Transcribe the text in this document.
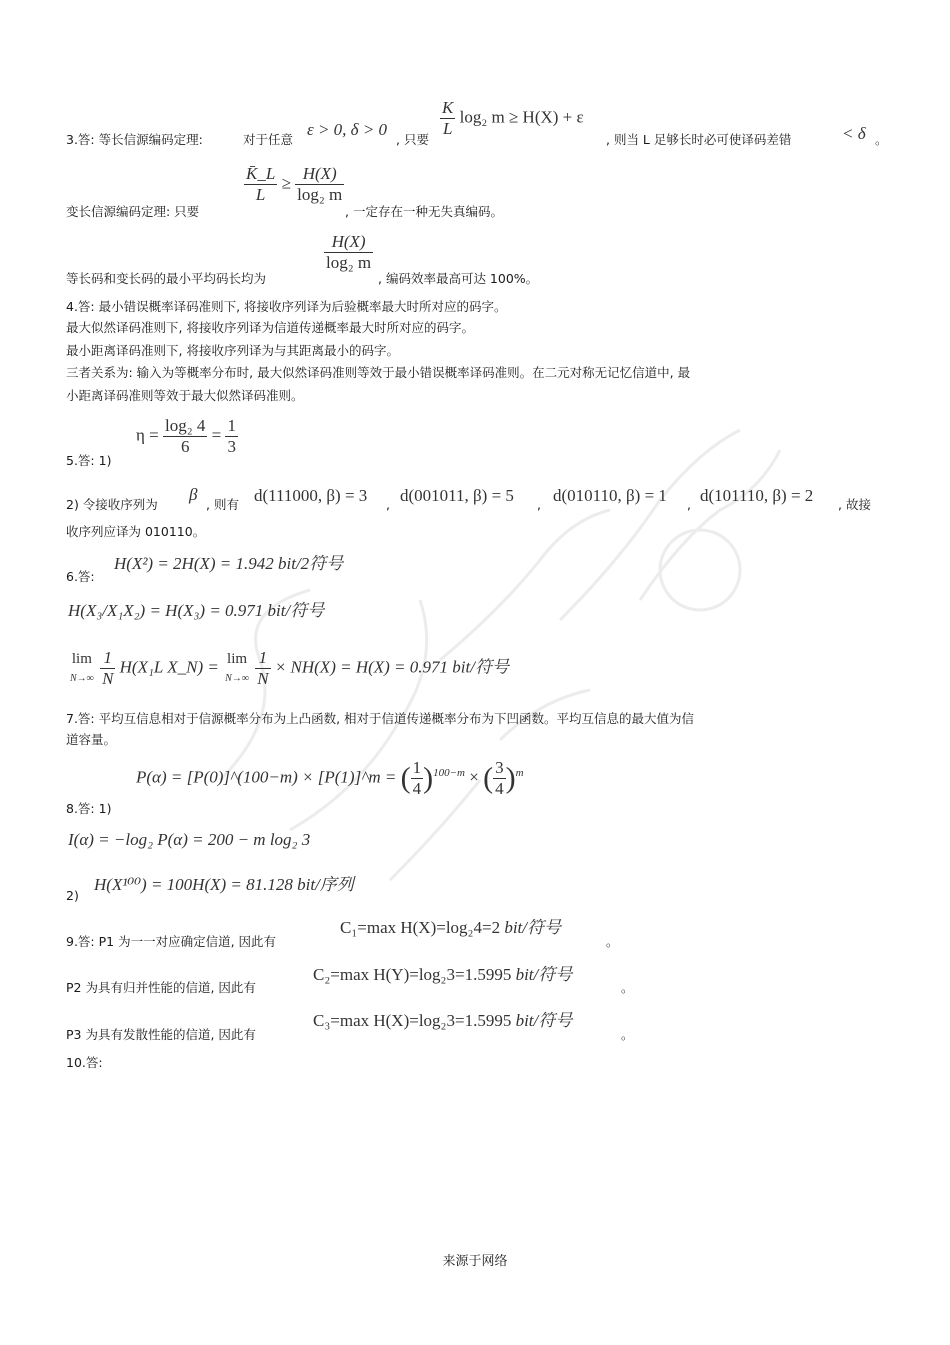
3.答: 等长信源编码定理:	对于任意
ε > 0, δ > 0
, 只要
$\frac{K}{L} \log_2$ m ≥ H(X) + ε
, 则当 L 足够长时必可使译码差错	< δ 。
变长信源编码定理: 只要
$\frac{K̄\_L}{L} \ge \frac{H(X)}{\text{log₂ m}}$
, 一定存在一种无失真编码。
等长码和变长码的最小平均码长均为
$\frac{H(X)}{\text{log₂ m}}$
, 编码效率最高可达 100%。
4.答: 最小错误概率译码准则下, 将接收序列译为后验概率最大时所对应的码字。
最大似然译码准则下, 将接收序列译为信道传递概率最大时所对应的码字。
最小距离译码准则下, 将接收序列译为与其距离最小的码字。
三者关系为: 输入为等概率分布时, 最大似然译码准则等效于最小错误概率译码准则。在二元对称无记忆信道中, 最
小距离译码准则等效于最大似然译码准则。
5.答: 1)
$\eta = \frac{\text{log₂ 4}}{6} = \frac{1}{3}$
2) 令接收序列为
β
, 则有 d(111000, β) = 3 , d(001011, β) = 5 , d(010110, β) = 1 , d(101110, β) = 2 , 故接
收序列应译为 010110。
6.答:
H(X²) = 2H(X) = 1.942 bit/2符号
H(X₃/X₁X₂) = H(X₃) = 0.971 bit/符号
lim
N→∞
$\frac{1}{N} H(X_1L$ X_N) = lim
N→∞
$\frac{1}{N} \times NH(X) = H(X) = 0.971$ bit/符号
7.答: 平均互信息相对于信源概率分布为上凸函数, 相对于信道传递概率分布为下凹函数。平均互信息的最大值为信
道容量。
8.答: 1)
P(α) = [P(0)]^(100−m) × [P(1)]^m = ( $\frac{1}{4} )^{100-m}$ × ( $\frac{3}{4} )^m$
I(α) = −log₂ P(α) = 200 − m log₂ 3
2)
H(X¹⁰⁰) = 100H(X) = 81.128 bit/序列
9.答: P1 为一一对应确定信道, 因此有
C₁=max H(X)=log₂4=2 bit/符号
。
P2 为具有归并性能的信道, 因此有
C₂=max H(Y)=log₂3=1.5995 bit/符号
。
P3 为具有发散性能的信道, 因此有
C₃=max H(X)=log₂3=1.5995 bit/符号
。
10.答:
来源于网络
